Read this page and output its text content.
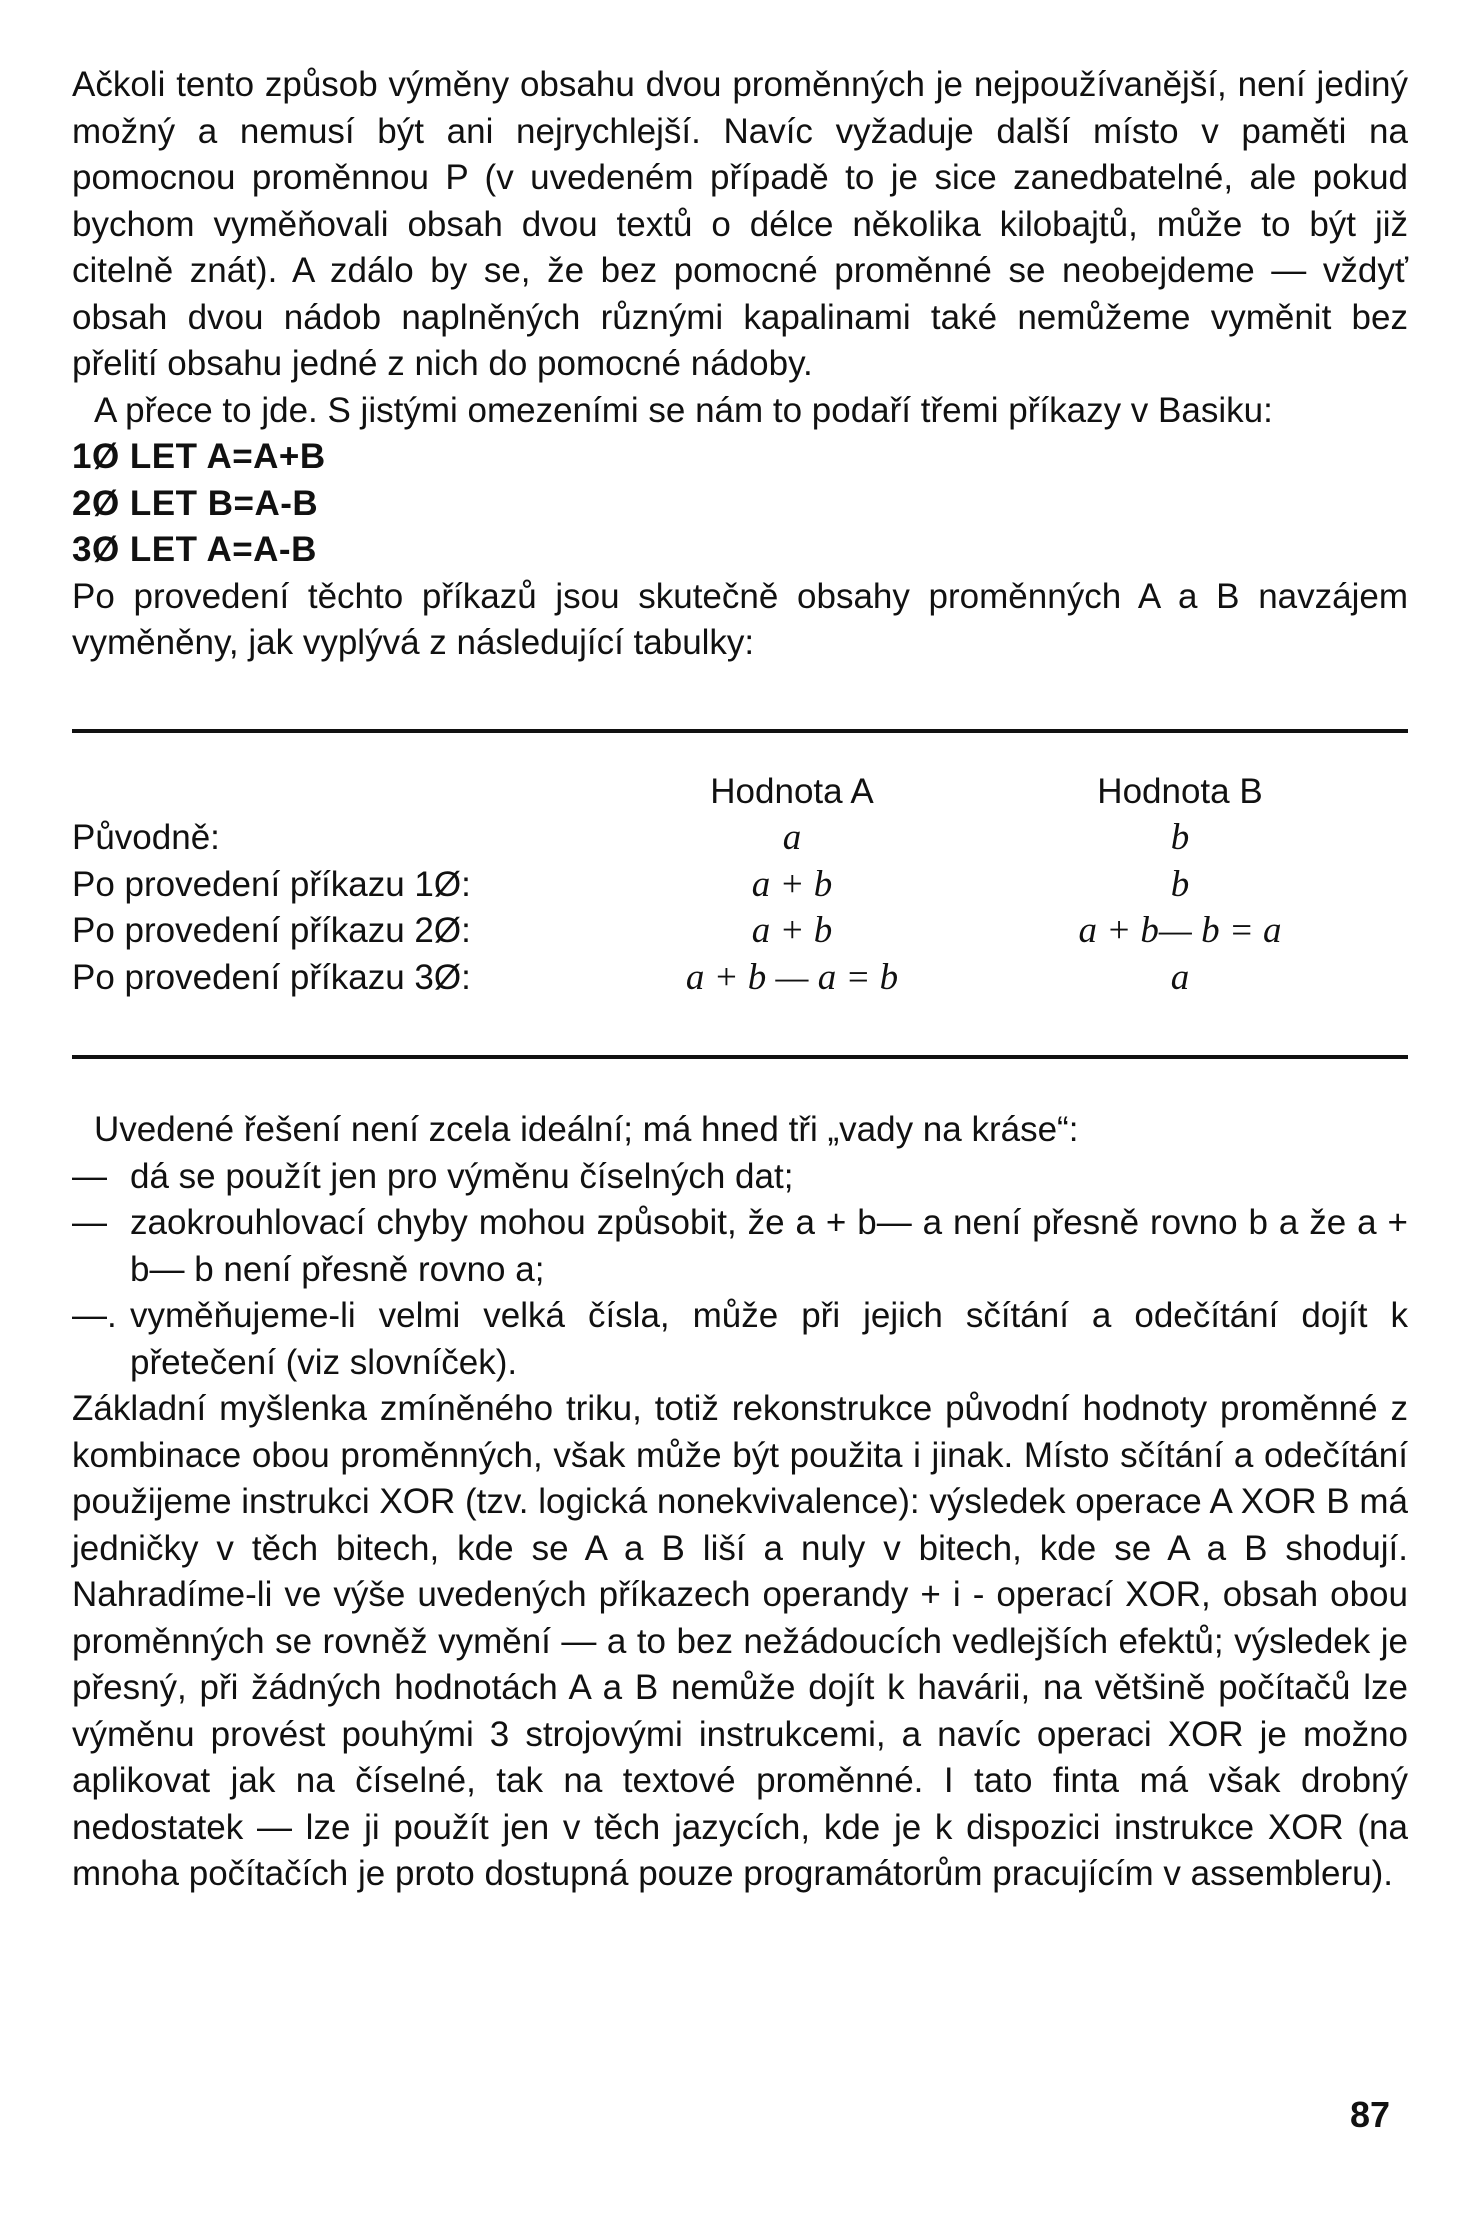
Ačkoli tento způsob výměny obsahu dvou proměnných je nejpoužívanější, není jediný možný a nemusí být ani nejrychlejší. Navíc vyžaduje další místo v paměti na pomocnou proměnnou P (v uvedeném případě to je sice zanedbatelné, ale pokud bychom vyměňovali obsah dvou textů o délce několika kilobajtů, může to být již citelně znát). A zdálo by se, že bez pomocné proměnné se neobejdeme — vždyť obsah dvou nádob naplněných různými kapalinami také nemůžeme vyměnit bez přelití obsahu jedné z nich do pomocné nádoby.

A přece to jde. S jistými omezeními se nám to podaří třemi příkazy v Basiku:

1Ø LET A=A+B

2Ø LET B=A-B

3Ø LET A=A-B

Po provedení těchto příkazů jsou skutečně obsahy proměnných A a B navzájem vyměněny, jak vyplývá z následující tabulky:

	Hodnota A	Hodnota B
Původně:	a	b
Po provedení příkazu 1Ø:	a + b	b
Po provedení příkazu 2Ø:	a + b	a + b— b = a
Po provedení příkazu 3Ø:	a + b — a = b	a

Uvedené řešení není zcela ideální; má hned tři „vady na kráse“:

— dá se použít jen pro výměnu číselných dat;
— zaokrouhlovací chyby mohou způsobit, že a + b— a není přesně rovno b a že a + b— b není přesně rovno a;
—. vyměňujeme-li velmi velká čísla, může při jejich sčítání a odečítání dojít k přetečení (viz slovníček).

Základní myšlenka zmíněného triku, totiž rekonstrukce původní hodnoty proměnné z kombinace obou proměnných, však může být použita i jinak. Místo sčítání a odečítání použijeme instrukci XOR (tzv. logická nonekvivalence): výsledek operace A XOR B má jedničky v těch bitech, kde se A a B liší a nuly v bitech, kde se A a B shodují. Nahradíme-li ve výše uvedených příkazech operandy + i - operací XOR, obsah obou proměnných se rovněž vymění — a to bez nežádoucích vedlejších efektů; výsledek je přesný, při žádných hodnotách A a B nemůže dojít k havárii, na většině počítačů lze výměnu provést pouhými 3 strojovými instrukcemi, a navíc operaci XOR je možno aplikovat jak na číselné, tak na textové proměnné. I tato finta má však drobný nedostatek — lze ji použít jen v těch jazycích, kde je k dispozici instrukce XOR (na mnoha počítačích je proto dostupná pouze programátorům pracujícím v assembleru).

87
